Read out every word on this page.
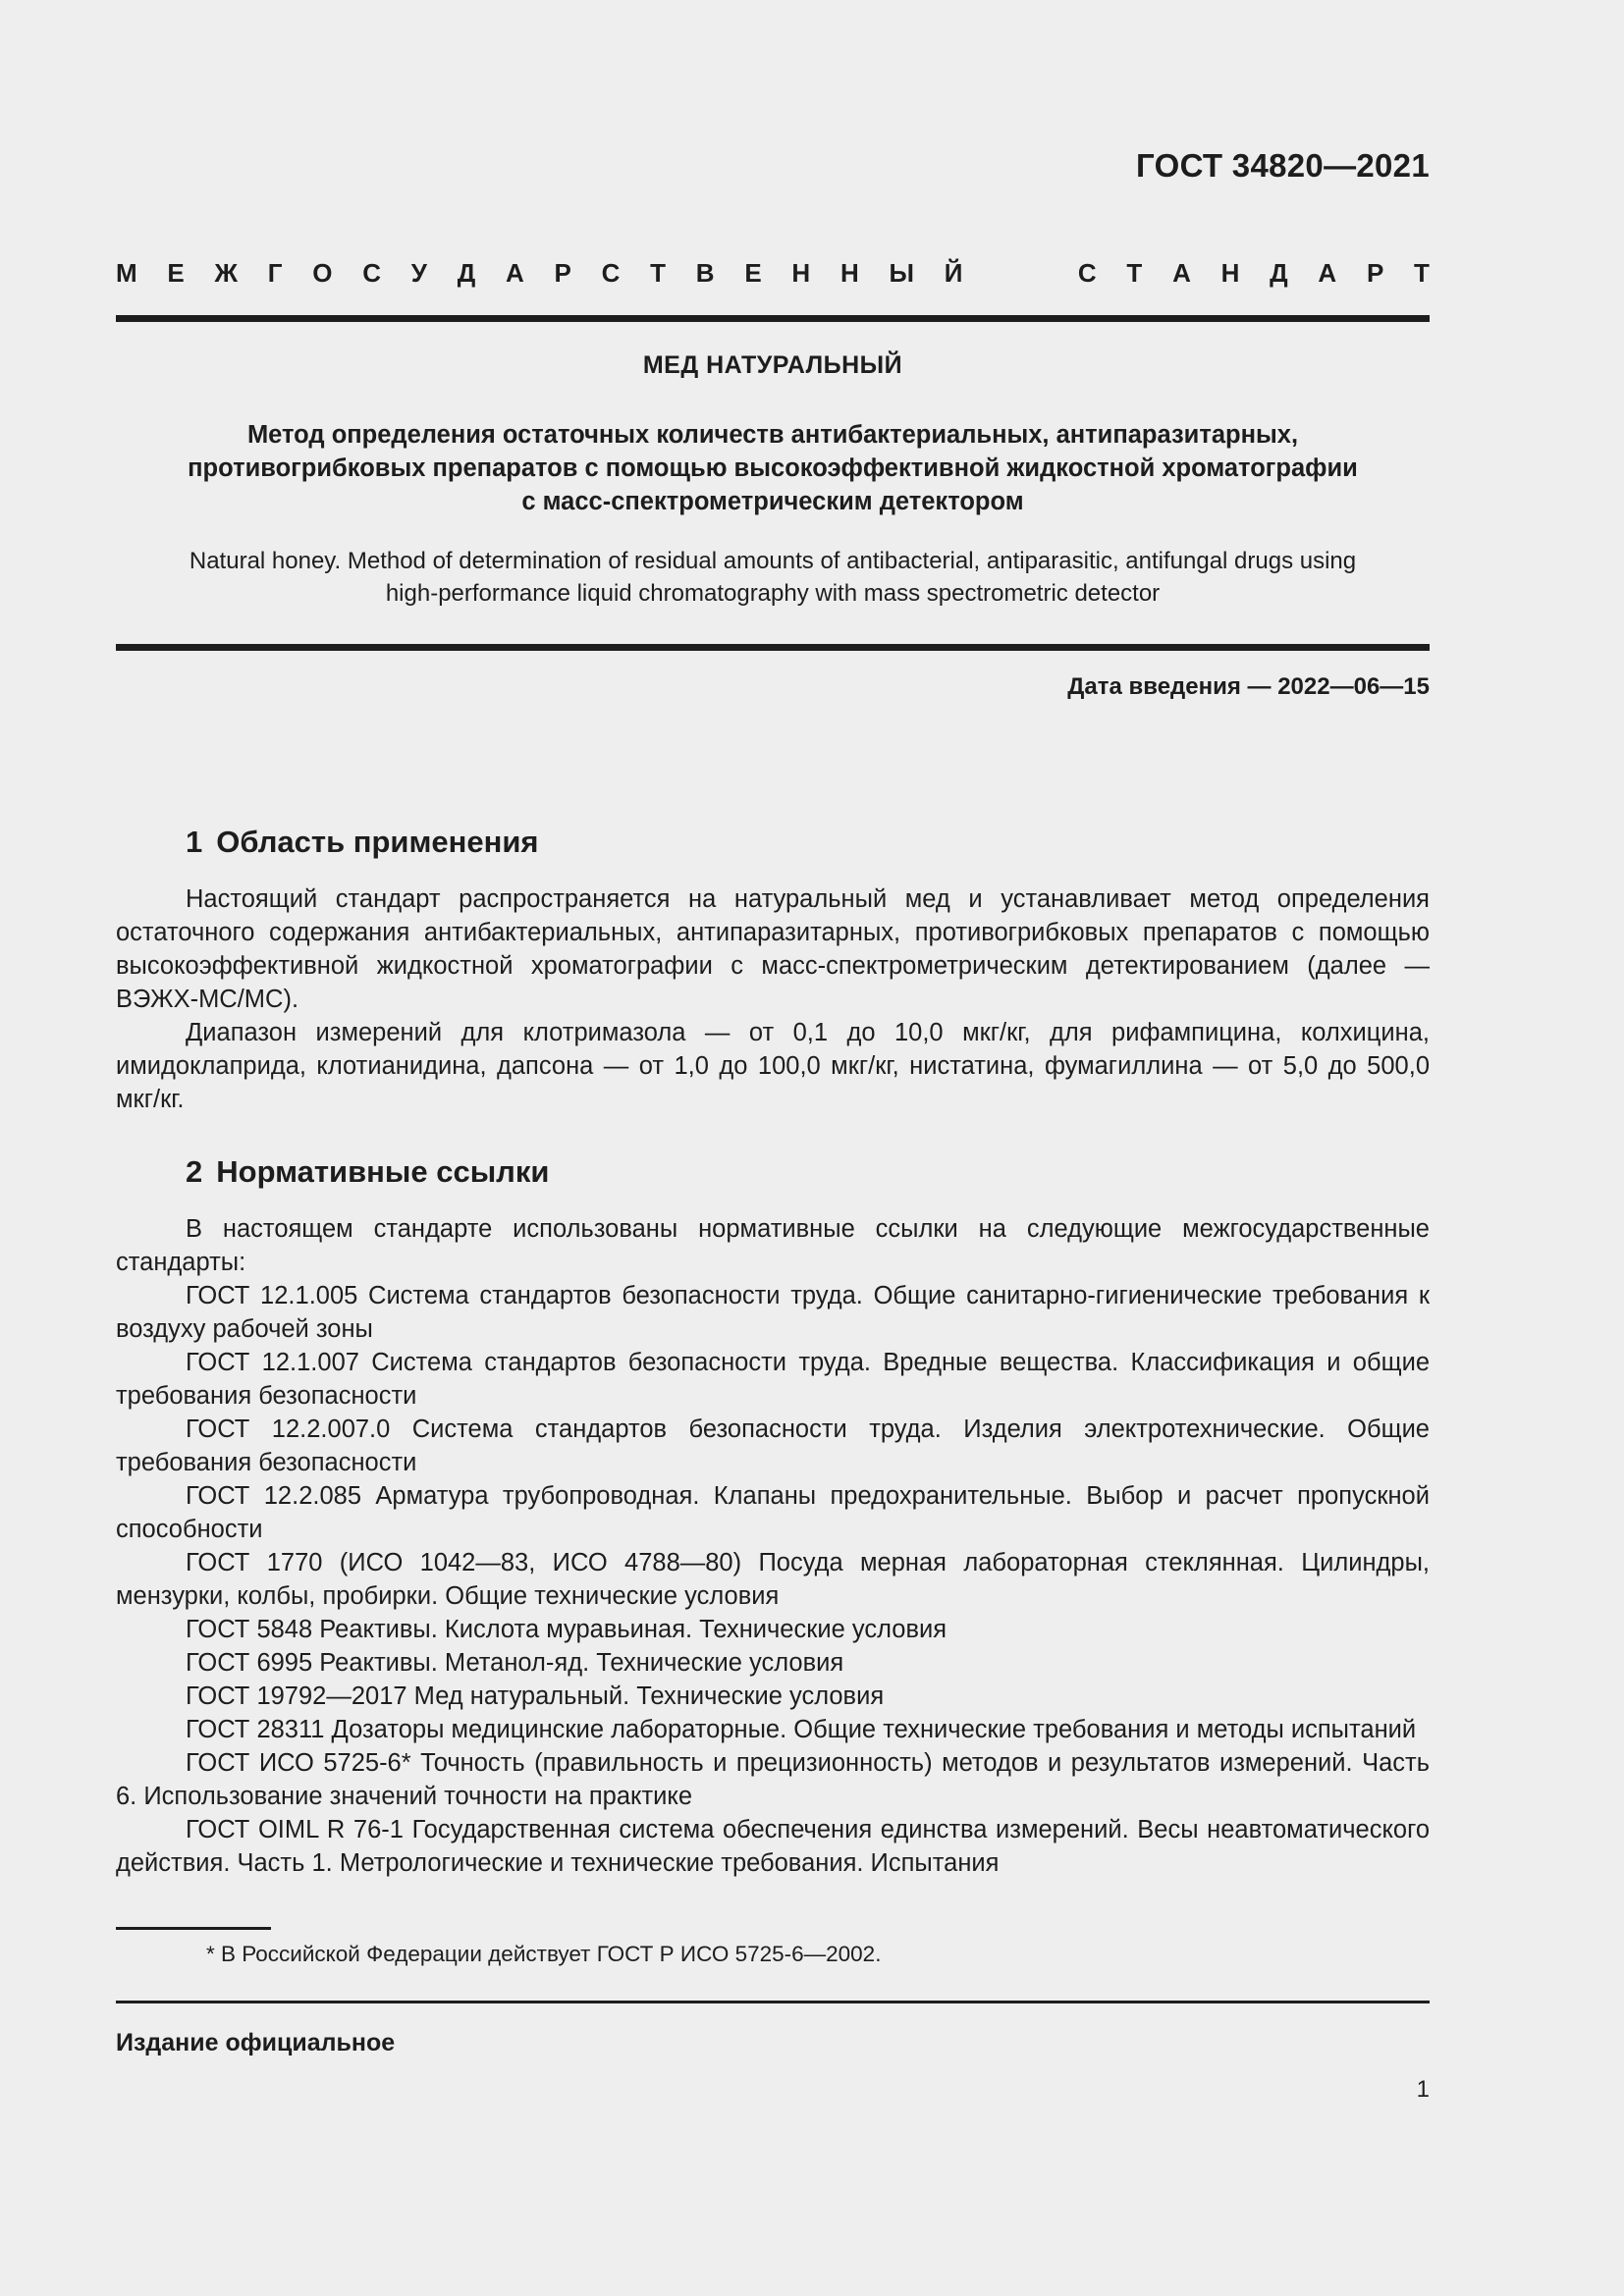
ГОСТ 34820—2021
М Е Ж Г О С У Д А Р С Т В Е Н Н Ы Й	С Т А Н Д А Р Т
МЕД НАТУРАЛЬНЫЙ
Метод определения остаточных количеств антибактериальных, антипаразитарных,
противогрибковых препаратов с помощью высокоэффективной жидкостной хроматографии
с масс-спектрометрическим детектором
Natural honey. Method of determination of residual amounts of antibacterial, antiparasitic, antifungal drugs using
high-performance liquid chromatography with mass spectrometric detector
Дата введения — 2022—06—15
1 Область применения

Настоящий стандарт распространяется на натуральный мед и устанавливает метод определения остаточного содержания антибактериальных, антипаразитарных, противогрибковых препаратов с помощью высокоэффективной жидкостной хроматографии с масс-спектрометрическим детектированием (далее — ВЭЖХ-МС/МС).

Диапазон измерений для клотримазола — от 0,1 до 10,0 мкг/кг, для рифампицина, колхицина, имидоклаприда, клотианидина, дапсона — от 1,0 до 100,0 мкг/кг, нистатина, фумагиллина — от 5,0 до 500,0 мкг/кг.

2 Нормативные ссылки

В настоящем стандарте использованы нормативные ссылки на следующие межгосударственные стандарты:

ГОСТ 12.1.005 Система стандартов безопасности труда. Общие санитарно-гигиенические требования к воздуху рабочей зоны

ГОСТ 12.1.007 Система стандартов безопасности труда. Вредные вещества. Классификация и общие требования безопасности

ГОСТ 12.2.007.0 Система стандартов безопасности труда. Изделия электротехнические. Общие требования безопасности

ГОСТ 12.2.085 Арматура трубопроводная. Клапаны предохранительные. Выбор и расчет пропускной способности

ГОСТ 1770 (ИСО 1042—83, ИСО 4788—80) Посуда мерная лабораторная стеклянная. Цилиндры, мензурки, колбы, пробирки. Общие технические условия

ГОСТ 5848 Реактивы. Кислота муравьиная. Технические условия

ГОСТ 6995 Реактивы. Метанол-яд. Технические условия

ГОСТ 19792—2017 Мед натуральный. Технические условия

ГОСТ 28311 Дозаторы медицинские лабораторные. Общие технические требования и методы испытаний

ГОСТ ИСО 5725-6* Точность (правильность и прецизионность) методов и результатов измерений. Часть 6. Использование значений точности на практике

ГОСТ OIML R 76-1 Государственная система обеспечения единства измерений. Весы неавтоматического действия. Часть 1. Метрологические и технические требования. Испытания

* В Российской Федерации действует ГОСТ Р ИСО 5725-6—2002.
Издание официальное
1
